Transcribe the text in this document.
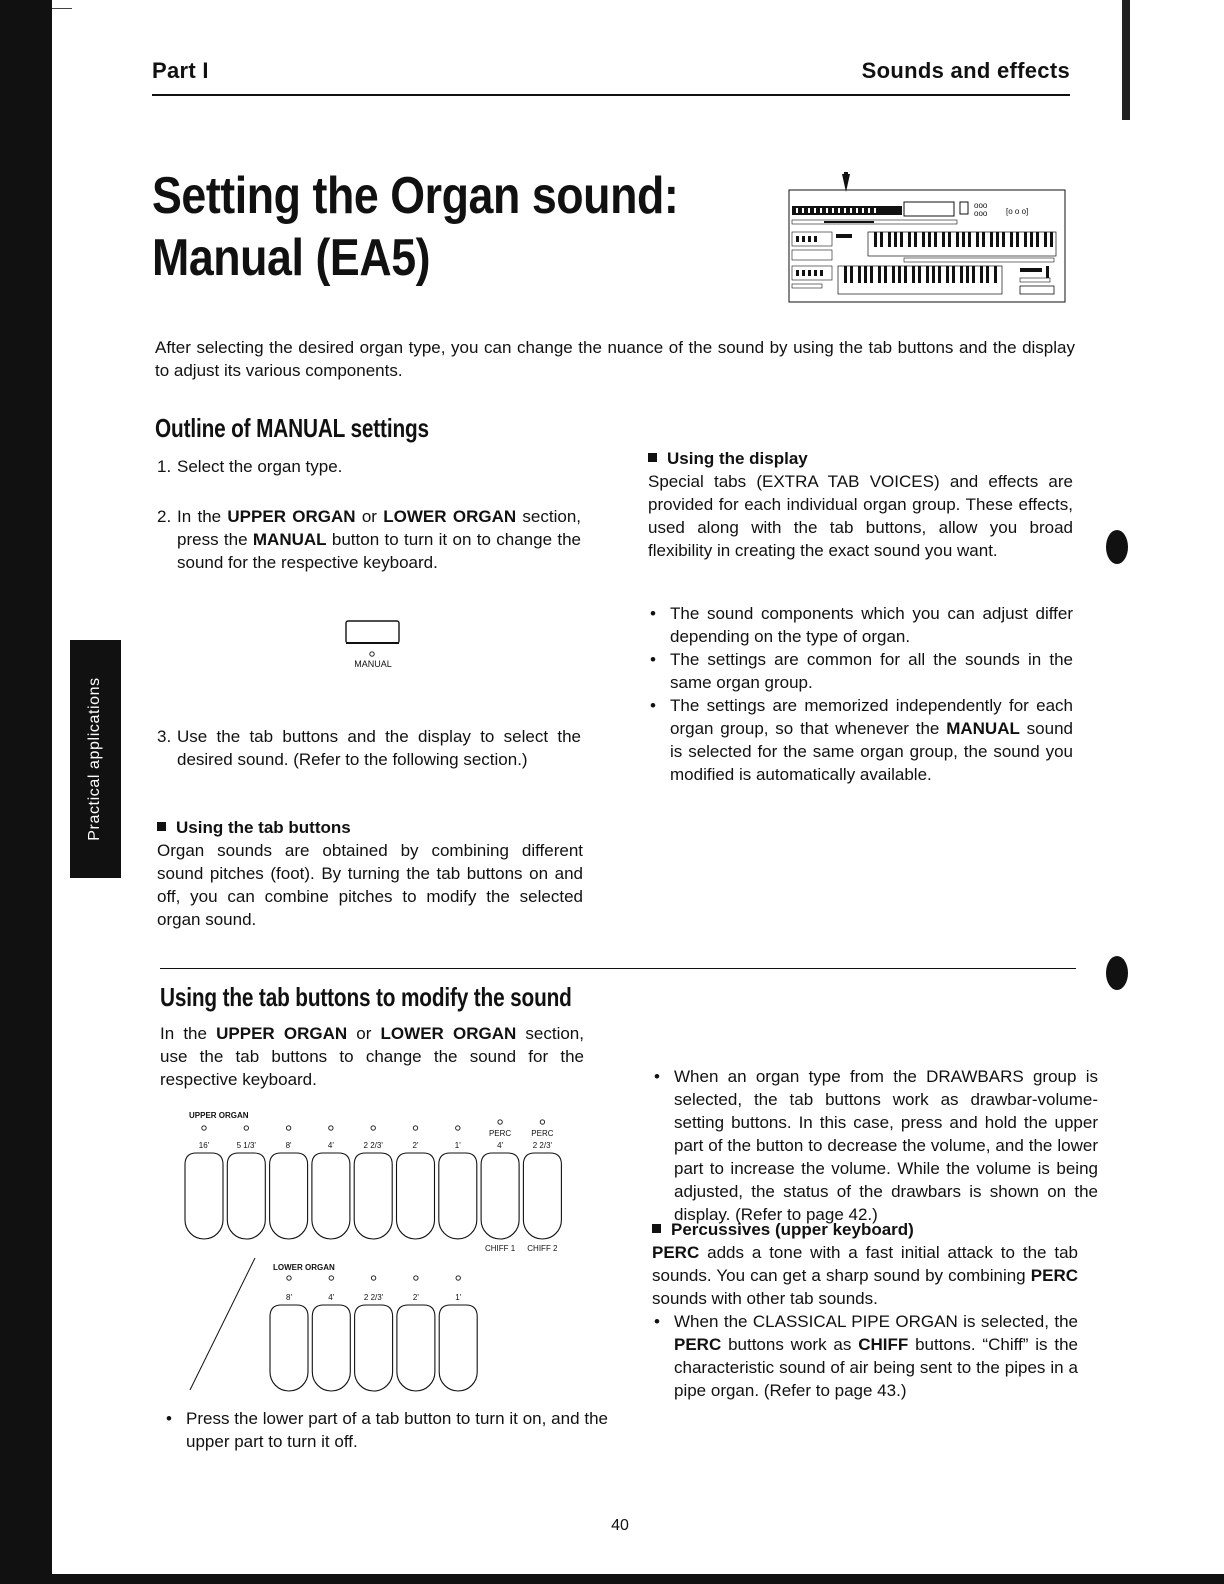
Part I	Sounds and effects
Setting the Organ sound:
Manual (EA5)
ooo
ooo [o o o]
After selecting the desired organ type, you can change the nuance of the sound by using the tab buttons and the display to adjust its various components.
Outline of MANUAL settings
1. Select the organ type.
2. In the UPPER ORGAN or LOWER ORGAN section, press the MANUAL button to turn it on to change the sound for the respective keyboard.
MANUAL
3. Use the tab buttons and the display to select the desired sound. (Refer to the following section.)
Using the tab buttons
Organ sounds are obtained by combining different sound pitches (foot). By turning the tab buttons on and off, you can combine pitches to modify the selected organ sound.
Using the display
Special tabs (EXTRA TAB VOICES) and effects are provided for each individual organ group. These effects, used along with the tab buttons, allow you broad flexibility in creating the exact sound you want.
• The sound components which you can adjust differ depending on the type of organ.
• The settings are common for all the sounds in the same organ group.
• The settings are memorized independently for each organ group, so that whenever the MANUAL sound is selected for the same organ group, the sound you modified is automatically available.
Practical applications
Using the tab buttons to modify the sound
In the UPPER ORGAN or LOWER ORGAN section, use the tab buttons to change the sound for the respective keyboard.
UPPER ORGAN
PERC	PERC
16'	5 1/3'	8'	4'	2 2/3'	2'	1'	4'	2 2/3'
CHIFF 1 CHIFF 2
LOWER ORGAN
8'	4'	2 2/3'	2'	1'
• Press the lower part of a tab button to turn it on, and the upper part to turn it off.
• When an organ type from the DRAWBARS group is selected, the tab buttons work as drawbar-volume-setting buttons. In this case, press and hold the upper part of the button to decrease the volume, and the lower part to increase the volume. While the volume is being adjusted, the status of the drawbars is shown on the display. (Refer to page 42.)
Percussives (upper keyboard)
PERC adds a tone with a fast initial attack to the tab sounds. You can get a sharp sound by combining PERC sounds with other tab sounds.
• When the CLASSICAL PIPE ORGAN is selected, the PERC buttons work as CHIFF buttons. “Chiff” is the characteristic sound of air being sent to the pipes in a pipe organ. (Refer to page 43.)
40
